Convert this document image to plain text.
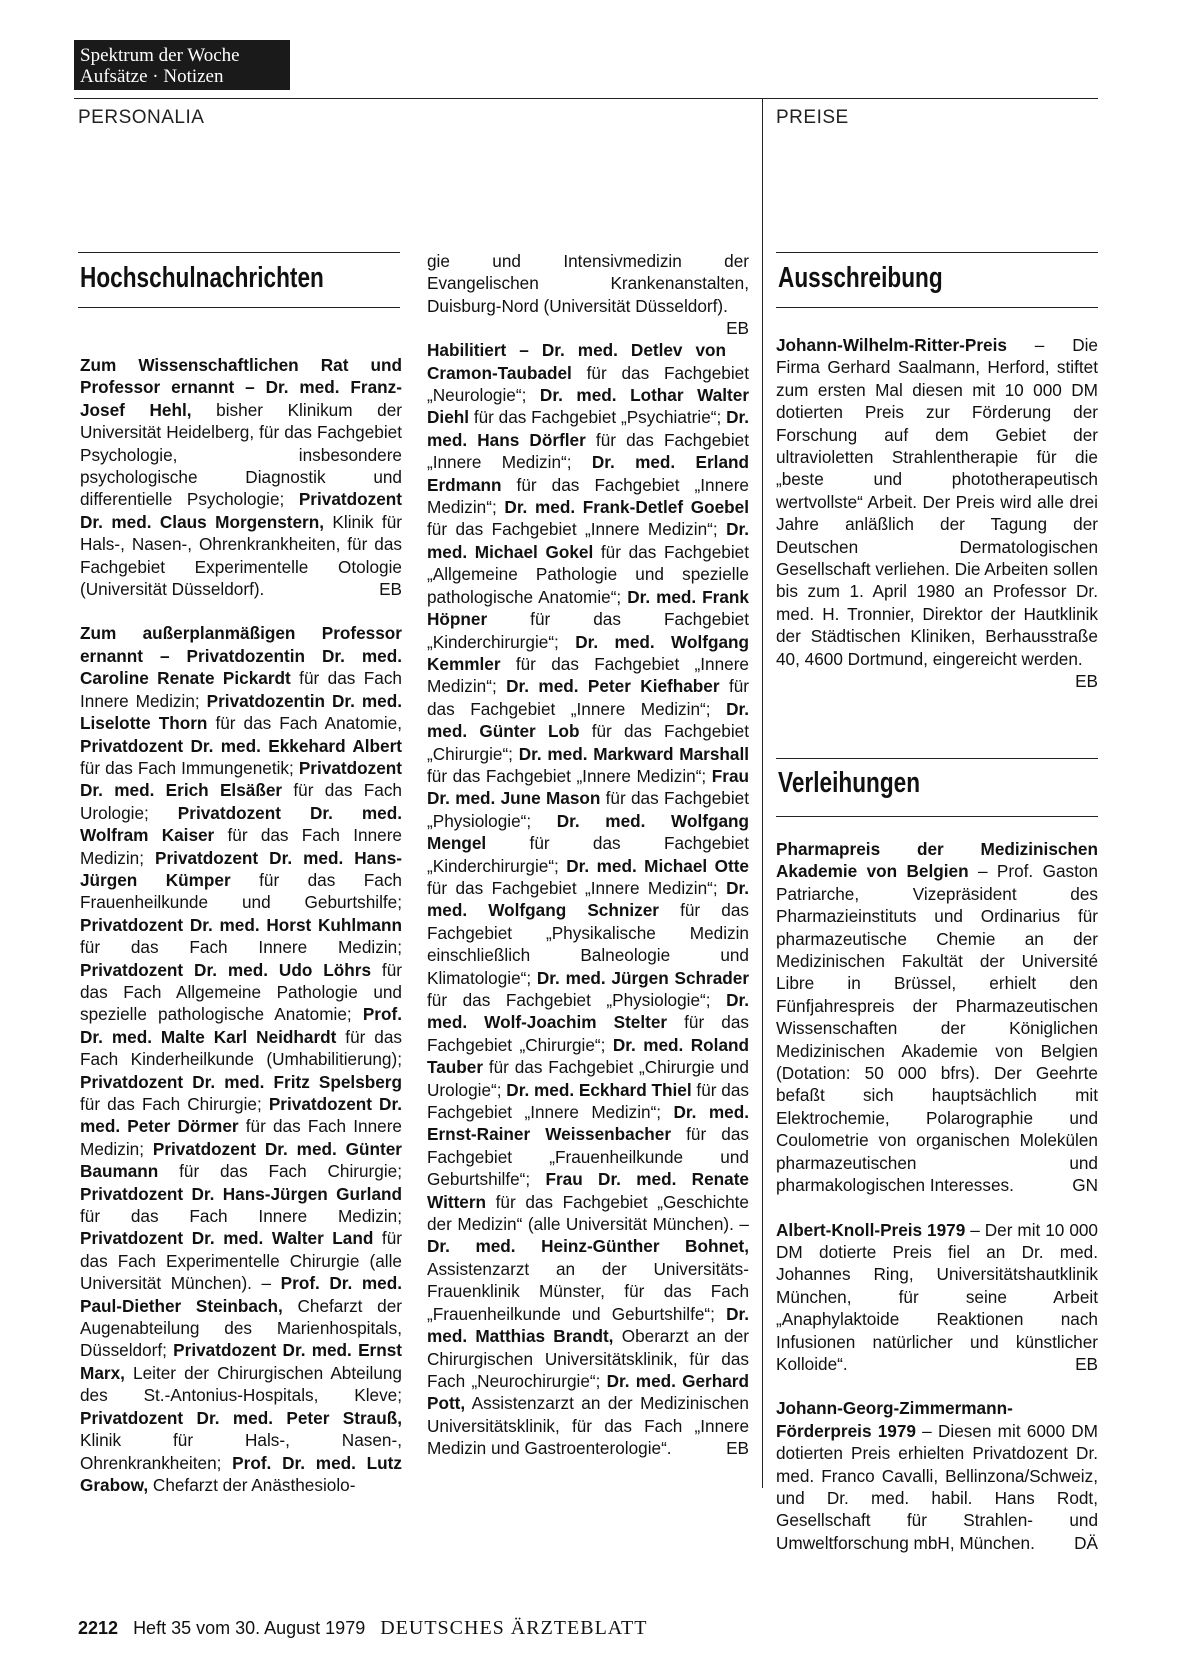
Spektrum der Woche
Aufsätze · Notizen
PERSONALIA	PREISE
Hochschulnachrichten

Zum Wissenschaftlichen Rat und Professor ernannt – Dr. med. Franz-Josef Hehl, bisher Klinikum der Universität Heidelberg, für das Fachgebiet Psychologie, insbesondere psychologische Diagnostik und differentielle Psychologie; Privatdozent Dr. med. Claus Morgenstern, Klinik für Hals-, Nasen-, Ohrenkrankheiten, für das Fachgebiet Experimentelle Otologie (Universität Düsseldorf).	EB

Zum außerplanmäßigen Professor ernannt – Privatdozentin Dr. med. Caroline Renate Pickardt für das Fach Innere Medizin; Privatdozentin Dr. med. Liselotte Thorn für das Fach Anatomie, Privatdozent Dr. med. Ekkehard Albert für das Fach Immungenetik; Privatdozent Dr. med. Erich Elsäßer für das Fach Urologie; Privatdozent Dr. med. Wolfram Kaiser für das Fach Innere Medizin; Privatdozent Dr. med. Hans-Jürgen Kümper für das Fach Frauenheilkunde und Geburtshilfe; Privatdozent Dr. med. Horst Kuhlmann für das Fach Innere Medizin; Privatdozent Dr. med. Udo Löhrs für das Fach Allgemeine Pathologie und spezielle pathologische Anatomie; Prof. Dr. med. Malte Karl Neidhardt für das Fach Kinderheilkunde (Umhabilitierung); Privatdozent Dr. med. Fritz Spelsberg für das Fach Chirurgie; Privatdozent Dr. med. Peter Dörmer für das Fach Innere Medizin; Privatdozent Dr. med. Günter Baumann für das Fach Chirurgie; Privatdozent Dr. Hans-Jürgen Gurland für das Fach Innere Medizin; Privatdozent Dr. med. Walter Land für das Fach Experimentelle Chirurgie (alle Universität München). – Prof. Dr. med. Paul-Diether Steinbach, Chefarzt der Augenabteilung des Marienhospitals, Düsseldorf; Privatdozent Dr. med. Ernst Marx, Leiter der Chirurgischen Abteilung des St.-Antonius-Hospitals, Kleve; Privatdozent Dr. med. Peter Strauß, Klinik für Hals-, Nasen-, Ohrenkrankheiten; Prof. Dr. med. Lutz Grabow, Chefarzt der Anästhesiolo-

gie und Intensivmedizin der Evangelischen Krankenanstalten, Duisburg-Nord (Universität Düsseldorf).
EB

Habilitiert – Dr. med. Detlev von Cramon-Taubadel für das Fachgebiet „Neurologie“; Dr. med. Lothar Walter Diehl für das Fachgebiet „Psychiatrie“; Dr. med. Hans Dörfler für das Fachgebiet „Innere Medizin“; Dr. med. Erland Erdmann für das Fachgebiet „Innere Medizin“; Dr. med. Frank-Detlef Goebel für das Fachgebiet „Innere Medizin“; Dr. med. Michael Gokel für das Fachgebiet „Allgemeine Pathologie und spezielle pathologische Anatomie“; Dr. med. Frank Höpner für das Fachgebiet „Kinderchirurgie“; Dr. med. Wolfgang Kemmler für das Fachgebiet „Innere Medizin“; Dr. med. Peter Kiefhaber für das Fachgebiet „Innere Medizin“; Dr. med. Günter Lob für das Fachgebiet „Chirurgie“; Dr. med. Markward Marshall für das Fachgebiet „Innere Medizin“; Frau Dr. med. June Mason für das Fachgebiet „Physiologie“; Dr. med. Wolfgang Mengel für das Fachgebiet „Kinderchirurgie“; Dr. med. Michael Otte für das Fachgebiet „Innere Medizin“; Dr. med. Wolfgang Schnizer für das Fachgebiet „Physikalische Medizin einschließlich Balneologie und Klimatologie“; Dr. med. Jürgen Schrader für das Fachgebiet „Physiologie“; Dr. med. Wolf-Joachim Stelter für das Fachgebiet „Chirurgie“; Dr. med. Roland Tauber für das Fachgebiet „Chirurgie und Urologie“; Dr. med. Eckhard Thiel für das Fachgebiet „Innere Medizin“; Dr. med. Ernst-Rainer Weissenbacher für das Fachgebiet „Frauenheilkunde und Geburtshilfe“; Frau Dr. med. Renate Wittern für das Fachgebiet „Geschichte der Medizin“ (alle Universität München). – Dr. med. Heinz-Günther Bohnet, Assistenzarzt an der Universitäts-Frauenklinik Münster, für das Fach „Frauenheilkunde und Geburtshilfe“; Dr. med. Matthias Brandt, Oberarzt an der Chirurgischen Universitätsklinik, für das Fach „Neurochirurgie“; Dr. med. Gerhard Pott, Assistenzarzt an der Medizinischen Universitätsklinik, für das Fach „Innere Medizin und Gastroenterologie“.	EB

Ausschreibung

Johann-Wilhelm-Ritter-Preis – Die Firma Gerhard Saalmann, Herford, stiftet zum ersten Mal diesen mit 10 000 DM dotierten Preis zur Förderung der Forschung auf dem Gebiet der ultravioletten Strahlentherapie für die „beste und phototherapeutisch wertvollste“ Arbeit. Der Preis wird alle drei Jahre anläßlich der Tagung der Deutschen Dermatologischen Gesellschaft verliehen. Die Arbeiten sollen bis zum 1. April 1980 an Professor Dr. med. H. Tronnier, Direktor der Hautklinik der Städtischen Kliniken, Berhausstraße 40, 4600 Dortmund, eingereicht werden.
EB

Verleihungen

Pharmapreis der Medizinischen Akademie von Belgien – Prof. Gaston Patriarche, Vizepräsident des Pharmazieinstituts und Ordinarius für pharmazeutische Chemie an der Medizinischen Fakultät der Université Libre in Brüssel, erhielt den Fünfjahrespreis der Pharmazeutischen Wissenschaften der Königlichen Medizinischen Akademie von Belgien (Dotation: 50 000 bfrs). Der Geehrte befaßt sich hauptsächlich mit Elektrochemie, Polarographie und Coulometrie von organischen Molekülen pharmazeutischen und pharmakologischen Interesses.	GN

Albert-Knoll-Preis 1979 – Der mit 10 000 DM dotierte Preis fiel an Dr. med. Johannes Ring, Universitätshautklinik München, für seine Arbeit „Anaphylaktoide Reaktionen nach Infusionen natürlicher und künstlicher Kolloide“.	EB

Johann-Georg-Zimmermann-Förderpreis 1979 – Diesen mit 6000 DM dotierten Preis erhielten Privatdozent Dr. med. Franco Cavalli, Bellinzona/Schweiz, und Dr. med. habil. Hans Rodt, Gesellschaft für Strahlen- und Umweltforschung mbH, München. DÄ

2212 Heft 35 vom 30. August 1979 DEUTSCHES ÄRZTEBLATT
